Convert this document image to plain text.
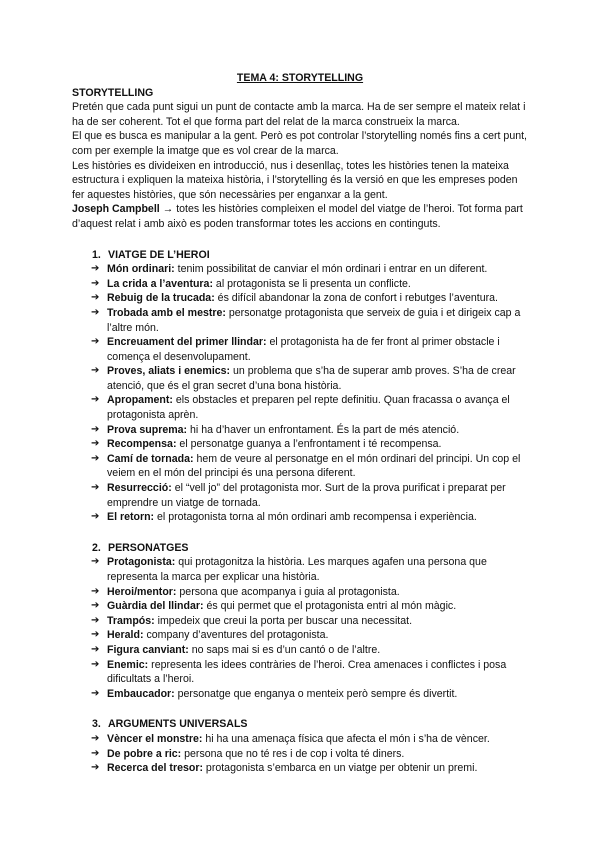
TEMA 4: STORYTELLING

STORYTELLING

Pretén que cada punt sigui un punt de contacte amb la marca. Ha de ser sempre el mateix relat i ha de ser coherent. Tot el que forma part del relat de la marca construeix la marca.

El que es busca es manipular a la gent. Però es pot controlar l’storytelling només fins a cert punt, com per exemple la imatge que es vol crear de la marca.

Les històries es divideixen en introducció, nus i desenllaç, totes les històries tenen la mateixa estructura i expliquen la mateixa història, i l’storytelling és la versió en que les empreses poden fer aquestes històries, que són necessàries per enganxar a la gent.

Joseph Campbell → totes les històries compleixen el model del viatge de l’heroi. Tot forma part d’aquest relat i amb això es poden transformar totes les accions en continguts.

1. VIATGE DE L’HEROI

➔ Món ordinari: tenim possibilitat de canviar el món ordinari i entrar en un diferent.
➔ La crida a l’aventura: al protagonista se li presenta un conflicte.
➔ Rebuig de la trucada: és difícil abandonar la zona de confort i rebutges l’aventura.
➔ Trobada amb el mestre: personatge protagonista que serveix de guia i et dirigeix cap a l’altre món.
➔ Encreuament del primer llindar: el protagonista ha de fer front al primer obstacle i comença el desenvolupament.
➔ Proves, aliats i enemics: un problema que s’ha de superar amb proves. S’ha de crear atenció, que és el gran secret d’una bona història.
➔ Apropament: els obstacles et preparen pel repte definitiu. Quan fracassa o avança el protagonista aprèn.
➔ Prova suprema: hi ha d’haver un enfrontament. És la part de més atenció.
➔ Recompensa: el personatge guanya a l’enfrontament i té recompensa.
➔ Camí de tornada: hem de veure al personatge en el món ordinari del principi. Un cop el veiem en el món del principi és una persona diferent.
➔ Resurrecció: el “vell jo” del protagonista mor. Surt de la prova purificat i preparat per emprendre un viatge de tornada.
➔ El retorn: el protagonista torna al món ordinari amb recompensa i experiència.

2. PERSONATGES

➔ Protagonista: qui protagonitza la història. Les marques agafen una persona que representa la marca per explicar una història.
➔ Heroi/mentor: persona que acompanya i guia al protagonista.
➔ Guàrdia del llindar: és qui permet que el protagonista entri al món màgic.
➔ Trampós: impedeix que creui la porta per buscar una necessitat.
➔ Herald: company d’aventures del protagonista.
➔ Figura canviant: no saps mai si es d’un cantó o de l’altre.
➔ Enemic: representa les idees contràries de l’heroi. Crea amenaces i conflictes i posa dificultats a l’heroi.
➔ Embaucador: personatge que enganya o menteix però sempre és divertit.

3. ARGUMENTS UNIVERSALS

➔ Vèncer el monstre: hi ha una amenaça física que afecta el món i s’ha de vèncer.
➔ De pobre a ric: persona que no té res i de cop i volta té diners.
➔ Recerca del tresor: protagonista s’embarca en un viatge per obtenir un premi.
